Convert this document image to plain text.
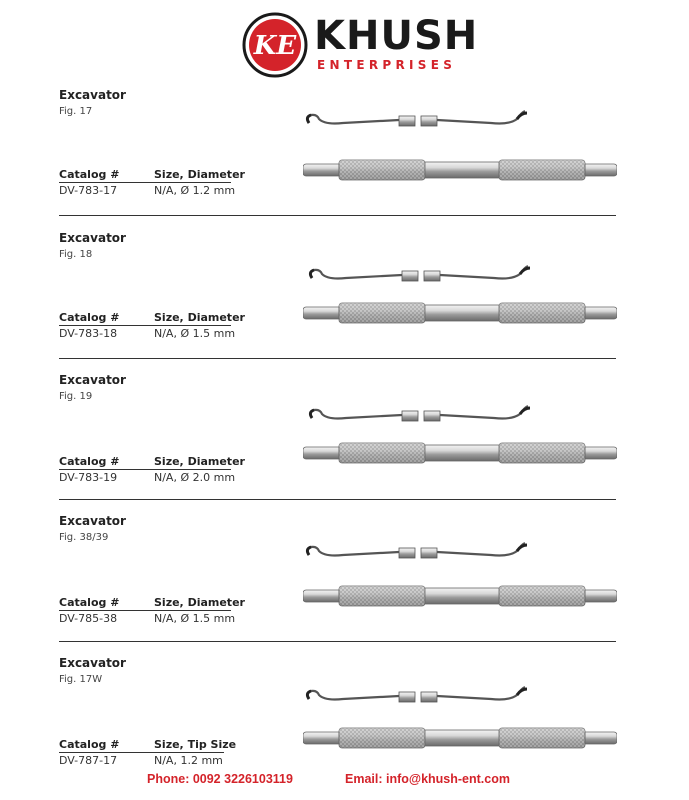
KE KHUSH
ENTERPRISES
Excavator
Fig. 17
Catalog #	Size, Diameter
DV-783-17	N/A, Ø 1.2 mm
Excavator
Fig. 18
Catalog #	Size, Diameter
DV-783-18	N/A, Ø 1.5 mm
Excavator
Fig. 19
Catalog #	Size, Diameter
DV-783-19	N/A, Ø 2.0 mm
Excavator
Fig. 38/39
Catalog #	Size, Diameter
DV-785-38	N/A, Ø 1.5 mm
Excavator
Fig. 17W
Catalog #	Size, Tip Size
DV-787-17	N/A, 1.2 mm
Phone: 0092 3226103119	Email: info@khush-ent.com
